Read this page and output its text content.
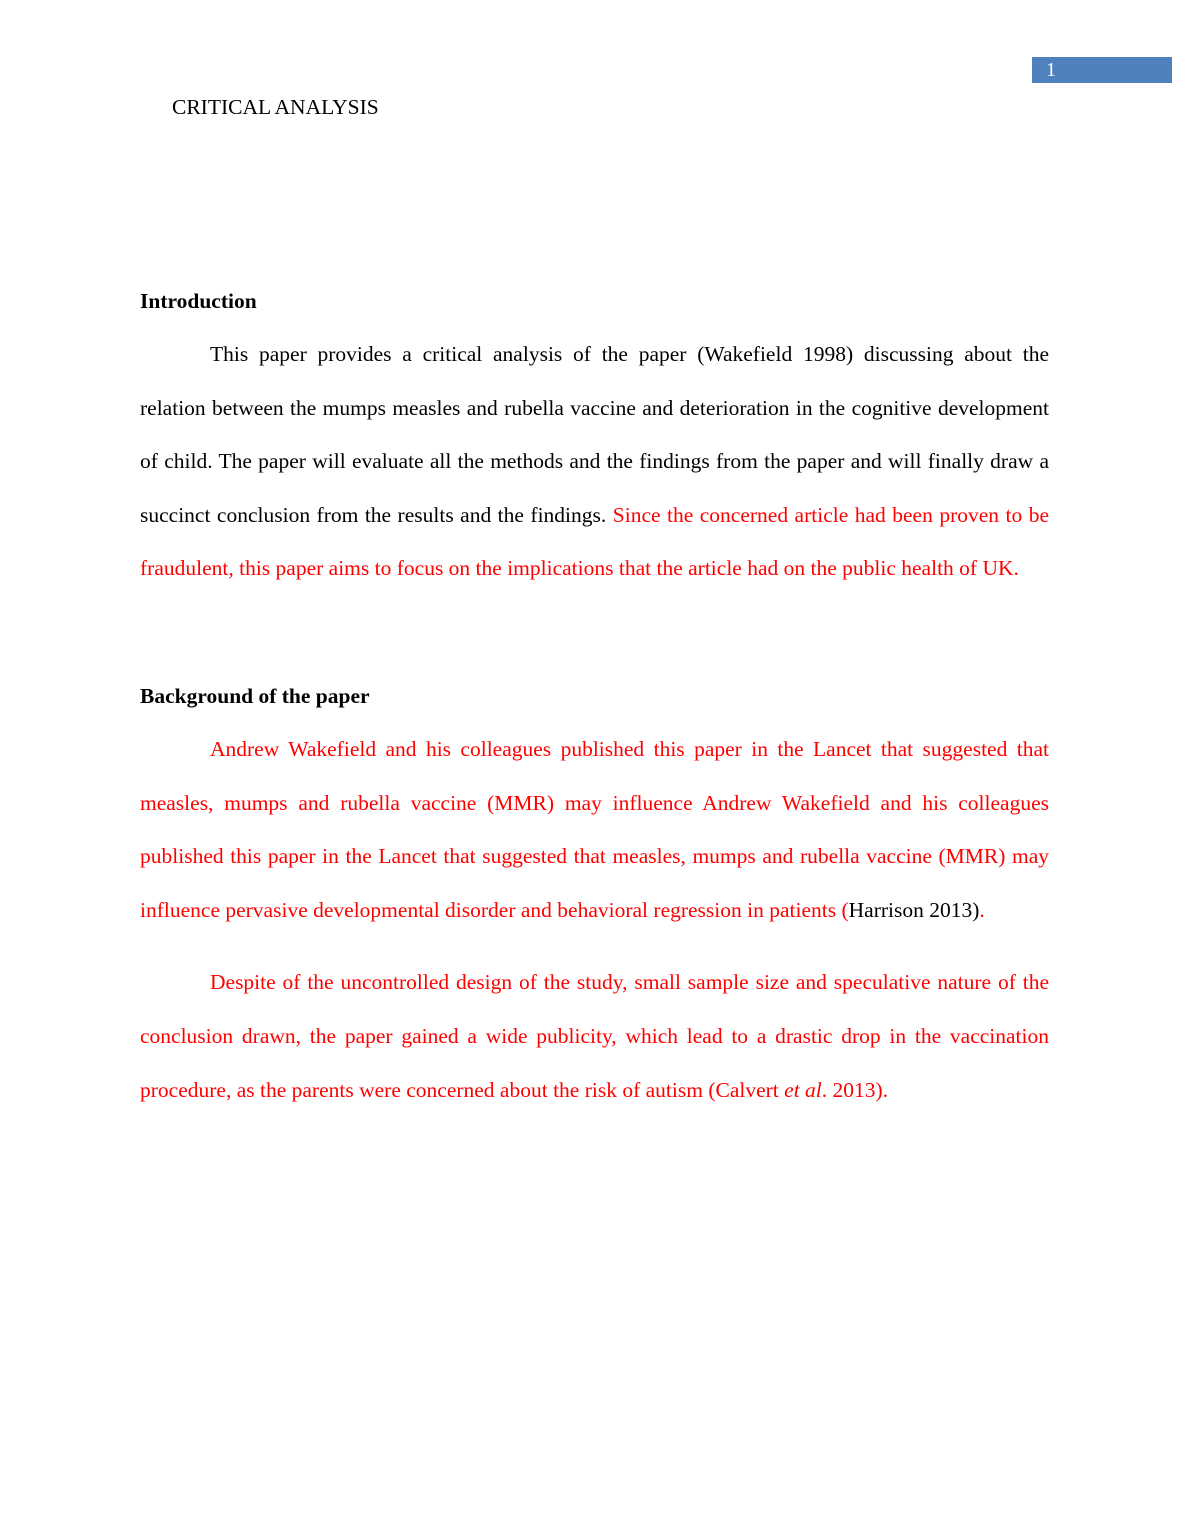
1
CRITICAL ANALYSIS
Introduction

This paper provides a critical analysis of the paper (Wakefield 1998) discussing about the relation between the mumps measles and rubella vaccine and deterioration in the cognitive development of child. The paper will evaluate all the methods and the findings from the paper and will finally draw a succinct conclusion from the results and the findings. Since the concerned article had been proven to be fraudulent, this paper aims to focus on the implications that the article had on the public health of UK.

Background of the paper

Andrew Wakefield and his colleagues published this paper in the Lancet that suggested that measles, mumps and rubella vaccine (MMR) may influence Andrew Wakefield and his colleagues published this paper in the Lancet that suggested that measles, mumps and rubella vaccine (MMR) may influence pervasive developmental disorder and behavioral regression in patients (Harrison 2013).

Despite of the uncontrolled design of the study, small sample size and speculative nature of the conclusion drawn, the paper gained a wide publicity, which lead to a drastic drop in the vaccination procedure, as the parents were concerned about the risk of autism (Calvert et al. 2013).
